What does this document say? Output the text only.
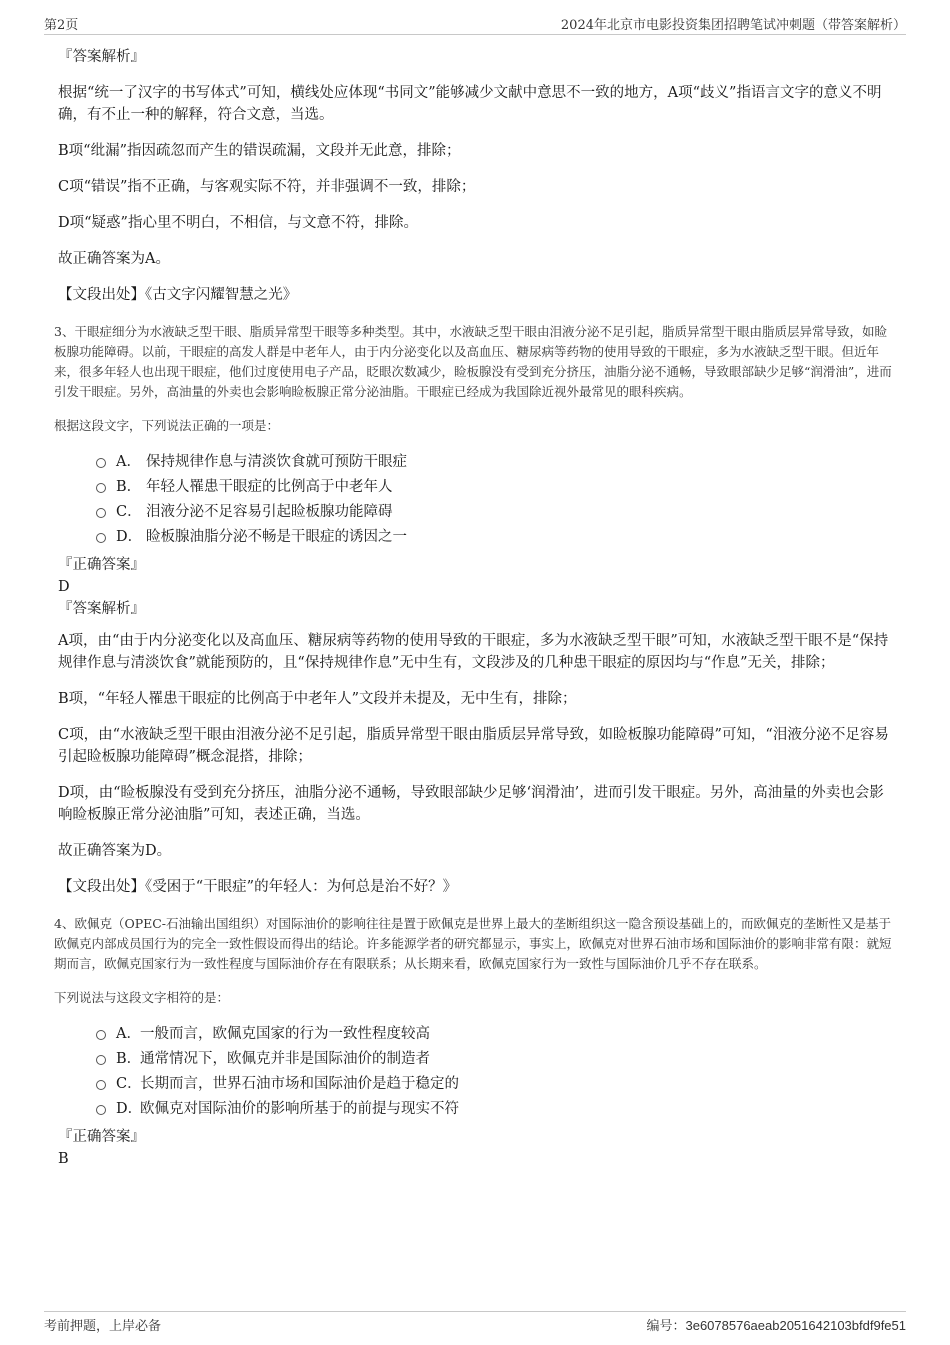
第2页	2024年北京市电影投资集团招聘笔试冲刺题（带答案解析）

『答案解析』

根据“统一了汉字的书写体式”可知，横线处应体现“书同文”能够减少文献中意思不一致的地方，A项“歧义”指语言文字的意义不明确，有不止一种的解释，符合文意，当选。

B项“纰漏”指因疏忽而产生的错误疏漏，文段并无此意，排除；

C项“错误”指不正确，与客观实际不符，并非强调不一致，排除；

D项“疑惑”指心里不明白，不相信，与文意不符，排除。

故正确答案为A。

【文段出处】《古文字闪耀智慧之光》

3、干眼症细分为水液缺乏型干眼、脂质异常型干眼等多种类型。其中，水液缺乏型干眼由泪液分泌不足引起，脂质异常型干眼由脂质层异常导致，如睑板腺功能障碍。以前，干眼症的高发人群是中老年人，由于内分泌变化以及高血压、糖尿病等药物的使用导致的干眼症，多为水液缺乏型干眼。但近年来，很多年轻人也出现干眼症，他们过度使用电子产品，眨眼次数减少，睑板腺没有受到充分挤压，油脂分泌不通畅，导致眼部缺少足够“润滑油”，进而引发干眼症。另外，高油量的外卖也会影响睑板腺正常分泌油脂。干眼症已经成为我国除近视外最常见的眼科疾病。

根据这段文字，下列说法正确的一项是：

A． 保持规律作息与清淡饮食就可预防干眼症
B． 年轻人罹患干眼症的比例高于中老年人
C． 泪液分泌不足容易引起睑板腺功能障碍
D． 睑板腺油脂分泌不畅是干眼症的诱因之一

『正确答案』

D

『答案解析』

A项，由“由于内分泌变化以及高血压、糖尿病等药物的使用导致的干眼症，多为水液缺乏型干眼”可知，水液缺乏型干眼不是“保持规律作息与清淡饮食”就能预防的，且“保持规律作息”无中生有，文段涉及的几种患干眼症的原因均与“作息”无关，排除；

B项，“年轻人罹患干眼症的比例高于中老年人”文段并未提及，无中生有，排除；

C项，由“水液缺乏型干眼由泪液分泌不足引起，脂质异常型干眼由脂质层异常导致，如睑板腺功能障碍”可知，“泪液分泌不足容易引起睑板腺功能障碍”概念混搭，排除；

D项，由“睑板腺没有受到充分挤压，油脂分泌不通畅，导致眼部缺少足够‘润滑油’，进而引发干眼症。另外，高油量的外卖也会影响睑板腺正常分泌油脂”可知，表述正确，当选。

故正确答案为D。

【文段出处】《受困于“干眼症”的年轻人：为何总是治不好？》

4、欧佩克（OPEC-石油输出国组织）对国际油价的影响往往是置于欧佩克是世界上最大的垄断组织这一隐含预设基础上的，而欧佩克的垄断性又是基于欧佩克内部成员国行为的完全一致性假设而得出的结论。许多能源学者的研究都显示，事实上，欧佩克对世界石油市场和国际油价的影响非常有限：就短期而言，欧佩克国家行为一致性程度与国际油价存在有限联系；从长期来看，欧佩克国家行为一致性与国际油价几乎不存在联系。

下列说法与这段文字相符的是：

A． 一般而言，欧佩克国家的行为一致性程度较高
B．
通常情况下，欧佩克并非是国际油价的制造者
C．
长期而言，世界石油市场和国际油价是趋于稳定的
D．
欧佩克对国际油价的影响所基于的前提与现实不符

『正确答案』

B

考前押题，上岸必备	编号：3e6078576aeab2051642103bfdf9fe51
